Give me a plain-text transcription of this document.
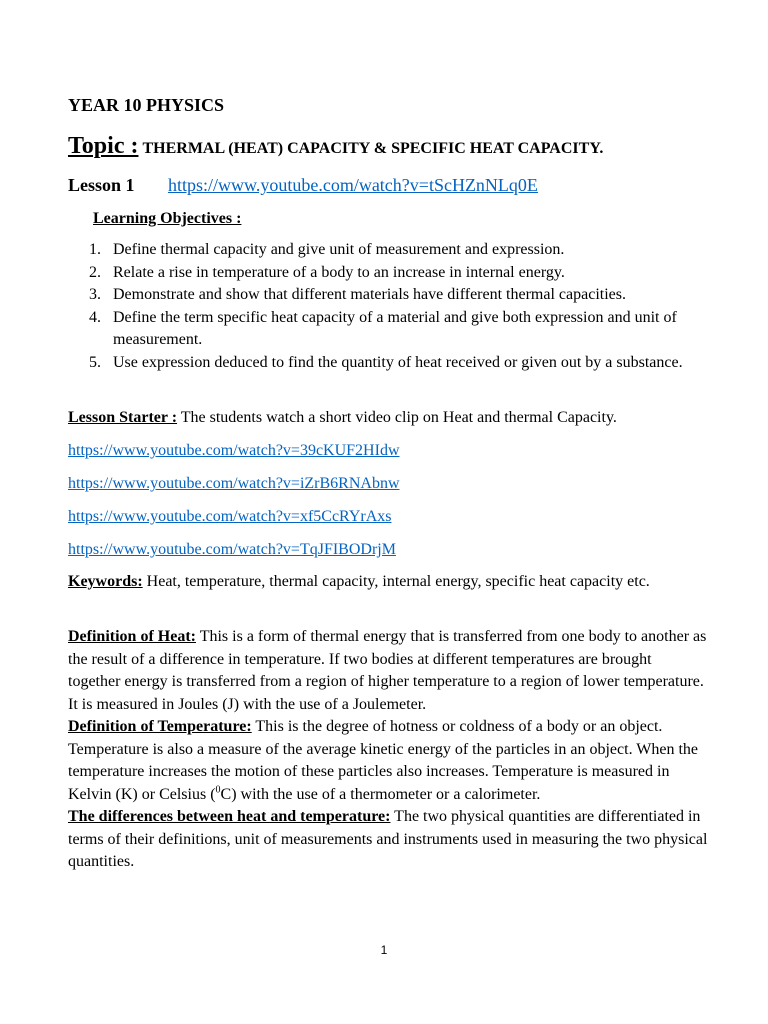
YEAR 10 PHYSICS
Topic : THERMAL (HEAT) CAPACITY & SPECIFIC HEAT CAPACITY.
Lesson 1 https://www.youtube.com/watch?v=tScHZnNLq0E
Learning Objectives :
1. Define thermal capacity and give unit of measurement and expression.
2. Relate a rise in temperature of a body to an increase in internal energy.
3. Demonstrate and show that different materials have different thermal capacities.
4. Define the term specific heat capacity of a material and give both expression and unit of measurement.
5. Use expression deduced to find the quantity of heat received or given out by a substance.
Lesson Starter : The students watch a short video clip on Heat and thermal Capacity.
https://www.youtube.com/watch?v=39cKUF2HIdw
https://www.youtube.com/watch?v=iZrB6RNAbnw
https://www.youtube.com/watch?v=xf5CcRYrAxs
https://www.youtube.com/watch?v=TqJFIBODrjM
Keywords: Heat, temperature, thermal capacity, internal energy, specific heat capacity etc.
Definition of Heat: This is a form of thermal energy that is transferred from one body to another as the result of a difference in temperature. If two bodies at different temperatures are brought together energy is transferred from a region of higher temperature to a region of lower temperature. It is measured in Joules (J) with the use of a Joulemeter.
Definition of Temperature: This is the degree of hotness or coldness of a body or an object. Temperature is also a measure of the average kinetic energy of the particles in an object. When the temperature increases the motion of these particles also increases. Temperature is measured in Kelvin (K) or Celsius ($^0$C) with the use of a thermometer or a calorimeter.
The differences between heat and temperature: The two physical quantities are differentiated in terms of their definitions, unit of measurements and instruments used in measuring the two physical quantities.
1
